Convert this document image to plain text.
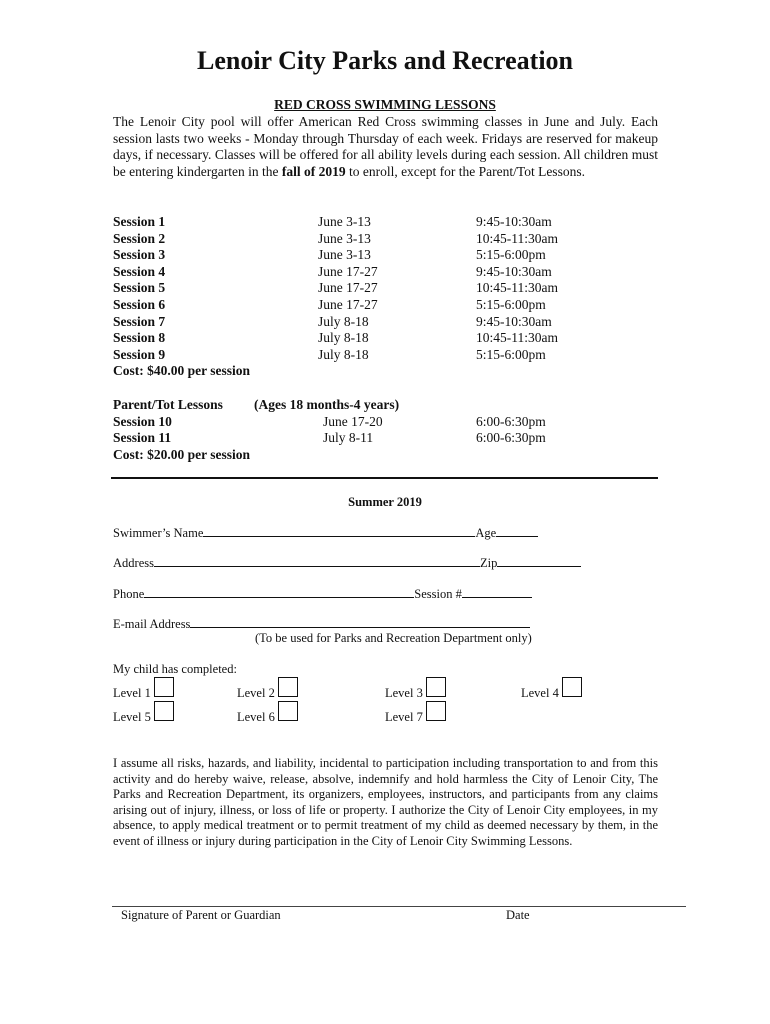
Lenoir City Parks and Recreation
RED CROSS SWIMMING LESSONS
The Lenoir City pool will offer American Red Cross swimming classes in June and July. Each session lasts two weeks - Monday through Thursday of each week. Fridays are reserved for makeup days, if necessary. Classes will be offered for all ability levels during each session. All children must be entering kindergarten in the fall of 2019 to enroll, except for the Parent/Tot Lessons.
Session 1	June 3-13	9:45-10:30am
Session 2	June 3-13	10:45-11:30am
Session 3	June 3-13	5:15-6:00pm
Session 4	June 17-27	9:45-10:30am
Session 5	June 17-27	10:45-11:30am
Session 6	June 17-27	5:15-6:00pm
Session 7	July 8-18	9:45-10:30am
Session 8	July 8-18	10:45-11:30am
Session 9	July 8-18	5:15-6:00pm
Cost: $40.00 per session
Parent/Tot Lessons (Ages 18 months-4 years)
Session 10	June 17-20	6:00-6:30pm
Session 11	July 8-11	6:00-6:30pm
Cost: $20.00 per session
Summer 2019
Swimmer’s Name	Age
Address	Zip
Phone	Session #
E-mail Address
(To be used for Parks and Recreation Department only)
My child has completed:
Level 1	Level 2	Level 3	Level 4
Level 5	Level 6	Level 7
I assume all risks, hazards, and liability, incidental to participation including transportation to and from this activity and do hereby waive, release, absolve, indemnify and hold harmless the City of Lenoir City, The Parks and Recreation Department, its organizers, employees, instructors, and participants from any claims arising out of injury, illness, or loss of life or property. I authorize the City of Lenoir City employees, in my absence, to apply medical treatment or to permit treatment of my child as deemed necessary by them, in the event of illness or injury during participation in the City of Lenoir City Swimming Lessons.
Signature of Parent or Guardian	Date
